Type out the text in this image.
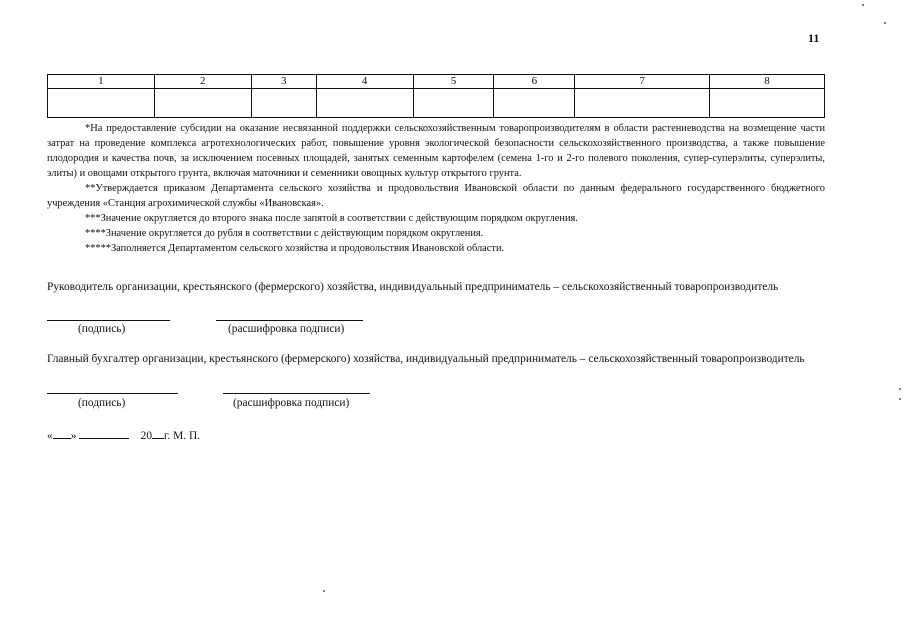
11
1	2	3	4	5	6	7	8

*На предоставление субсидии на оказание несвязанной поддержки сельскохозяйственным товаропроизводителям в области растениеводства на возмещение части затрат на проведение комплекса агротехнологических работ, повышение уровня экологической безопасности сельскохозяйственного производства, а также повышение плодородия и качества почв, за исключением посевных площадей, занятых семенным картофелем (семена 1-го и 2-го полевого поколения, супер-суперэлиты, суперэлиты, элиты) и овощами открытого грунта, включая маточники и семенники овощных культур открытого грунта.

**Утверждается приказом Департамента сельского хозяйства и продовольствия Ивановской области по данным федерального государственного бюджетного учреждения «Станция агрохимической службы «Ивановская».

***Значение округляется до второго знака после запятой в соответствии с действующим порядком округления.

****Значение округляется до рубля в соответствии с действующим порядком округления.

*****Заполняется Департаментом сельского хозяйства и продовольствия Ивановской области.

Руководитель организации, крестьянского (фермерского) хозяйства, индивидуальный предприниматель – сельскохозяйственный товаропроизводитель
(подпись)	(расшифровка подписи)
Главный бухгалтер организации, крестьянского (фермерского) хозяйства, индивидуальный предприниматель – сельскохозяйственный товаропроизводитель
(подпись)	(расшифровка подписи)
« »	20 г. М. П.
